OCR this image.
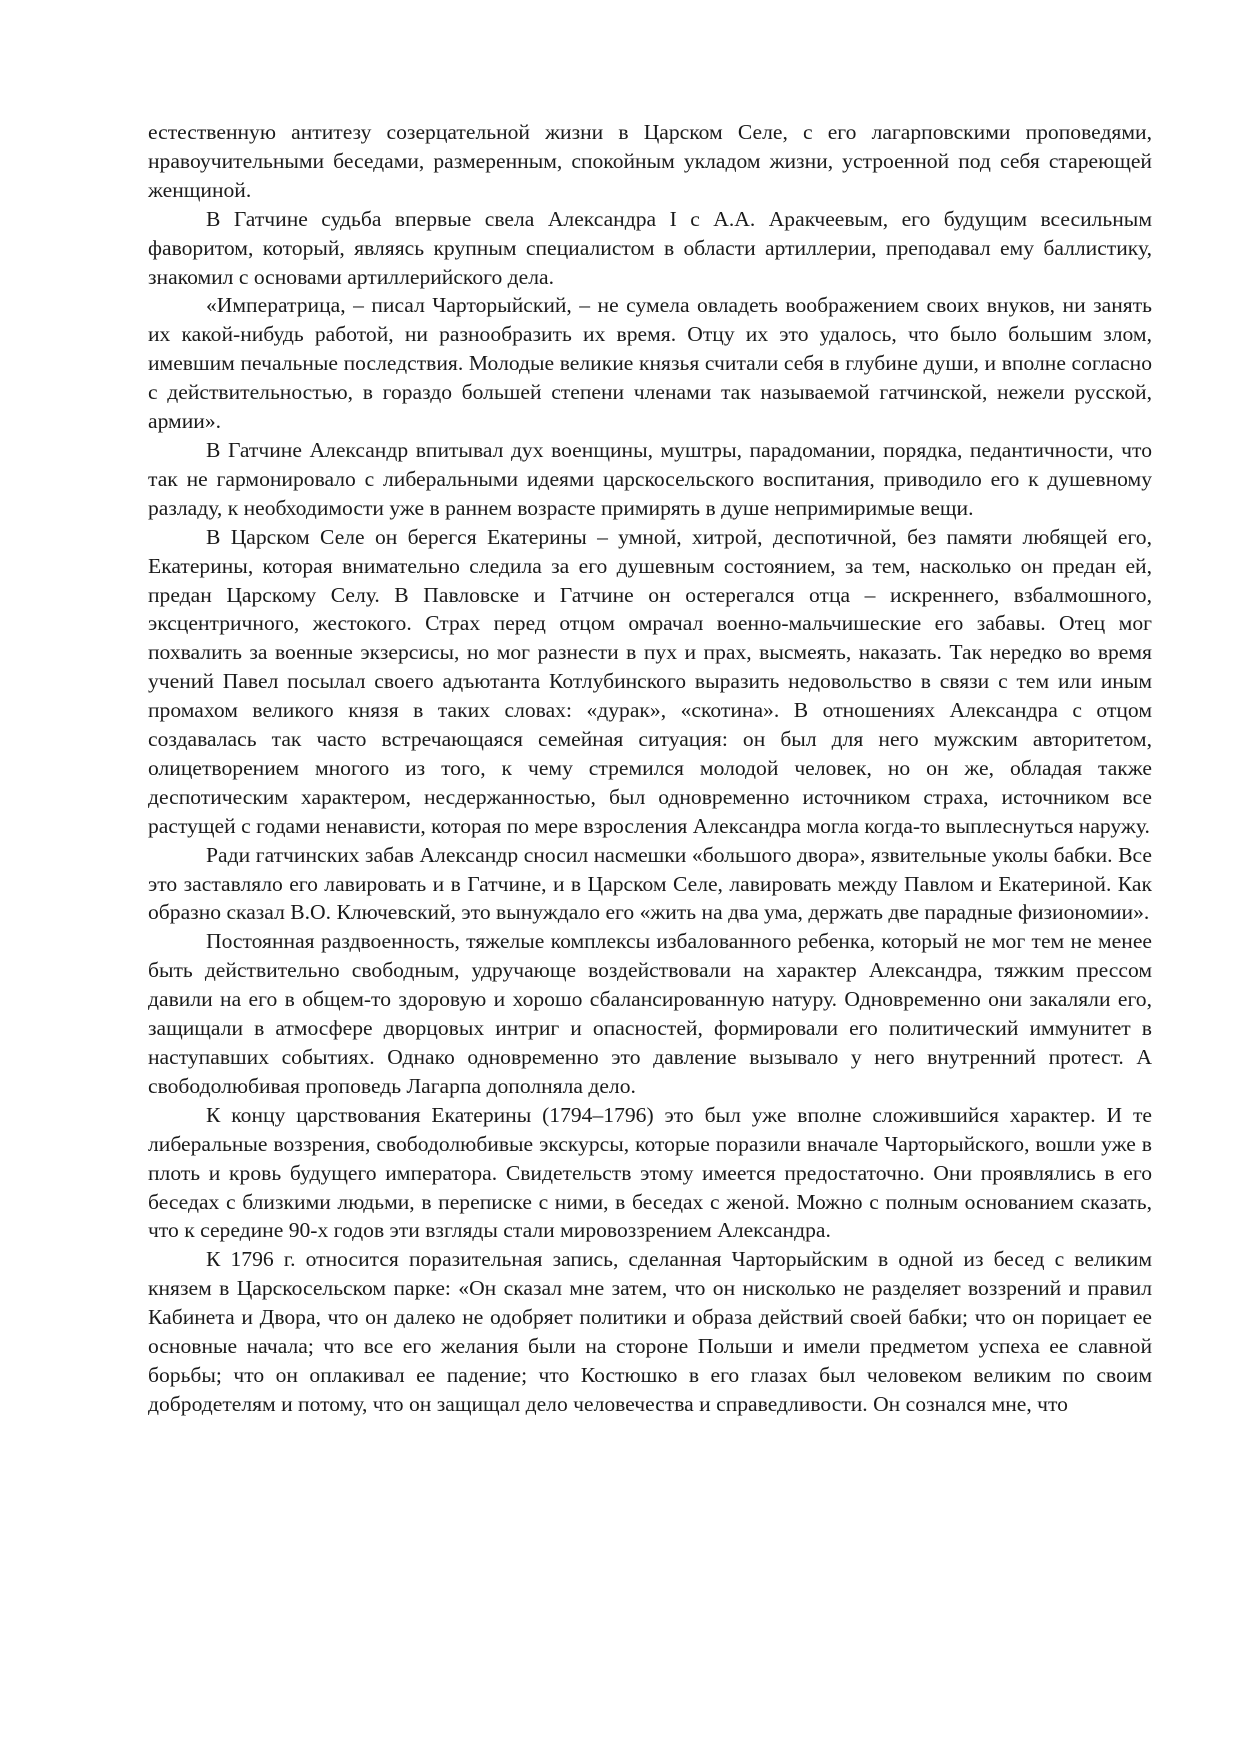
естественную антитезу созерцательной жизни в Царском Селе, с его лагарповскими проповедями, нравоучительными беседами, размеренным, спокойным укладом жизни, устроенной под себя стареющей женщиной.

В Гатчине судьба впервые свела Александра I с А.А. Аракчеевым, его будущим всесильным фаворитом, который, являясь крупным специалистом в области артиллерии, преподавал ему баллистику, знакомил с основами артиллерийского дела.

«Императрица, – писал Чарторыйский, – не сумела овладеть воображением своих внуков, ни занять их какой-нибудь работой, ни разнообразить их время. Отцу их это удалось, что было большим злом, имевшим печальные последствия. Молодые великие князья считали себя в глубине души, и вполне согласно с действительностью, в гораздо большей степени членами так называемой гатчинской, нежели русской, армии».

В Гатчине Александр впитывал дух военщины, муштры, парадомании, порядка, педантичности, что так не гармонировало с либеральными идеями царскосельского воспитания, приводило его к душевному разладу, к необходимости уже в раннем возрасте примирять в душе непримиримые вещи.

В Царском Селе он берегся Екатерины – умной, хитрой, деспотичной, без памяти любящей его, Екатерины, которая внимательно следила за его душевным состоянием, за тем, насколько он предан ей, предан Царскому Селу. В Павловске и Гатчине он остерегался отца – искреннего, взбалмошного, эксцентричного, жестокого. Страх перед отцом омрачал военно-мальчишеские его забавы. Отец мог похвалить за военные экзерсисы, но мог разнести в пух и прах, высмеять, наказать. Так нередко во время учений Павел посылал своего адъютанта Котлубинского выразить недовольство в связи с тем или иным промахом великого князя в таких словах: «дурак», «скотина». В отношениях Александра с отцом создавалась так часто встречающаяся семейная ситуация: он был для него мужским авторитетом, олицетворением многого из того, к чему стремился молодой человек, но он же, обладая также деспотическим характером, несдержанностью, был одновременно источником страха, источником все растущей с годами ненависти, которая по мере взросления Александра могла когда-то выплеснуться наружу.

Ради гатчинских забав Александр сносил насмешки «большого двора», язвительные уколы бабки. Все это заставляло его лавировать и в Гатчине, и в Царском Селе, лавировать между Павлом и Екатериной. Как образно сказал В.О. Ключевский, это вынуждало его «жить на два ума, держать две парадные физиономии».

Постоянная раздвоенность, тяжелые комплексы избалованного ребенка, который не мог тем не менее быть действительно свободным, удручающе воздействовали на характер Александра, тяжким прессом давили на его в общем-то здоровую и хорошо сбалансированную натуру. Одновременно они закаляли его, защищали в атмосфере дворцовых интриг и опасностей, формировали его политический иммунитет в наступавших событиях. Однако одновременно это давление вызывало у него внутренний протест. А свободолюбивая проповедь Лагарпа дополняла дело.

К концу царствования Екатерины (1794–1796) это был уже вполне сложившийся характер. И те либеральные воззрения, свободолюбивые экскурсы, которые поразили вначале Чарторыйского, вошли уже в плоть и кровь будущего императора. Свидетельств этому имеется предостаточно. Они проявлялись в его беседах с близкими людьми, в переписке с ними, в беседах с женой. Можно с полным основанием сказать, что к середине 90-х годов эти взгляды стали мировоззрением Александра.

К 1796 г. относится поразительная запись, сделанная Чарторыйским в одной из бесед с великим князем в Царскосельском парке: «Он сказал мне затем, что он нисколько не разделяет воззрений и правил Кабинета и Двора, что он далеко не одобряет политики и образа действий своей бабки; что он порицает ее основные начала; что все его желания были на стороне Польши и имели предметом успеха ее славной борьбы; что он оплакивал ее падение; что Костюшко в его глазах был человеком великим по своим добродетелям и потому, что он защищал дело человечества и справедливости. Он сознался мне, что
